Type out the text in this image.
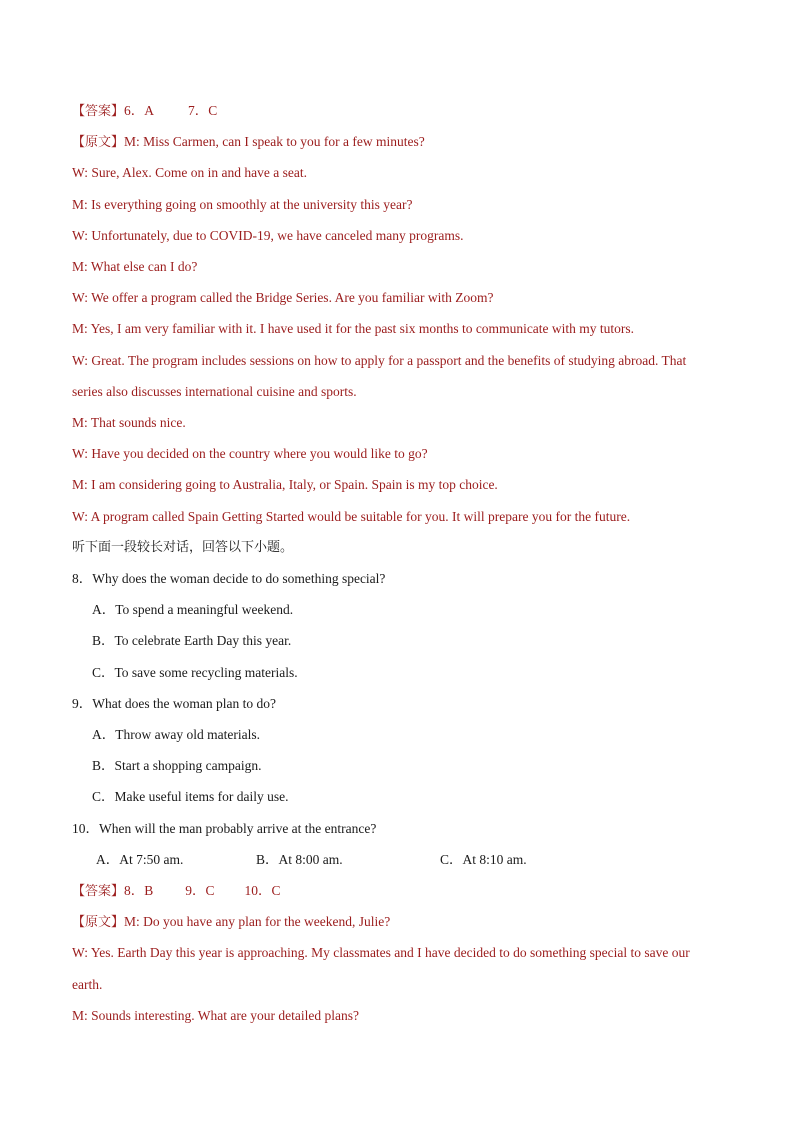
【答案】6．A	7．C
【原文】M: Miss Carmen, can I speak to you for a few minutes?
W: Sure, Alex. Come on in and have a seat.
M: Is everything going on smoothly at the university this year?
W: Unfortunately, due to COVID-19, we have canceled many programs.
M: What else can I do?
W: We offer a program called the Bridge Series. Are you familiar with Zoom?
M: Yes, I am very familiar with it. I have used it for the past six months to communicate with my tutors.
W: Great. The program includes sessions on how to apply for a passport and the benefits of studying abroad. That
series also discusses international cuisine and sports.
M: That sounds nice.
W: Have you decided on the country where you would like to go?
M: I am considering going to Australia, Italy, or Spain. Spain is my top choice.
W: A program called Spain Getting Started would be suitable for you. It will prepare you for the future.
听下面一段较长对话，回答以下小题。
8．Why does the woman decide to do something special?
A．To spend a meaningful weekend.
B．To celebrate Earth Day this year.
C．To save some recycling materials.
9．What does the woman plan to do?
A．Throw away old materials.
B．Start a shopping campaign.
C．Make useful items for daily use.
10．When will the man probably arrive at the entrance?
A．At 7:50 am.	B．At 8:00 am.	C．At 8:10 am.
【答案】8．B 9．C 10．C
【原文】M: Do you have any plan for the weekend, Julie?
W: Yes. Earth Day this year is approaching. My classmates and I have decided to do something special to save our
earth.
M: Sounds interesting. What are your detailed plans?
